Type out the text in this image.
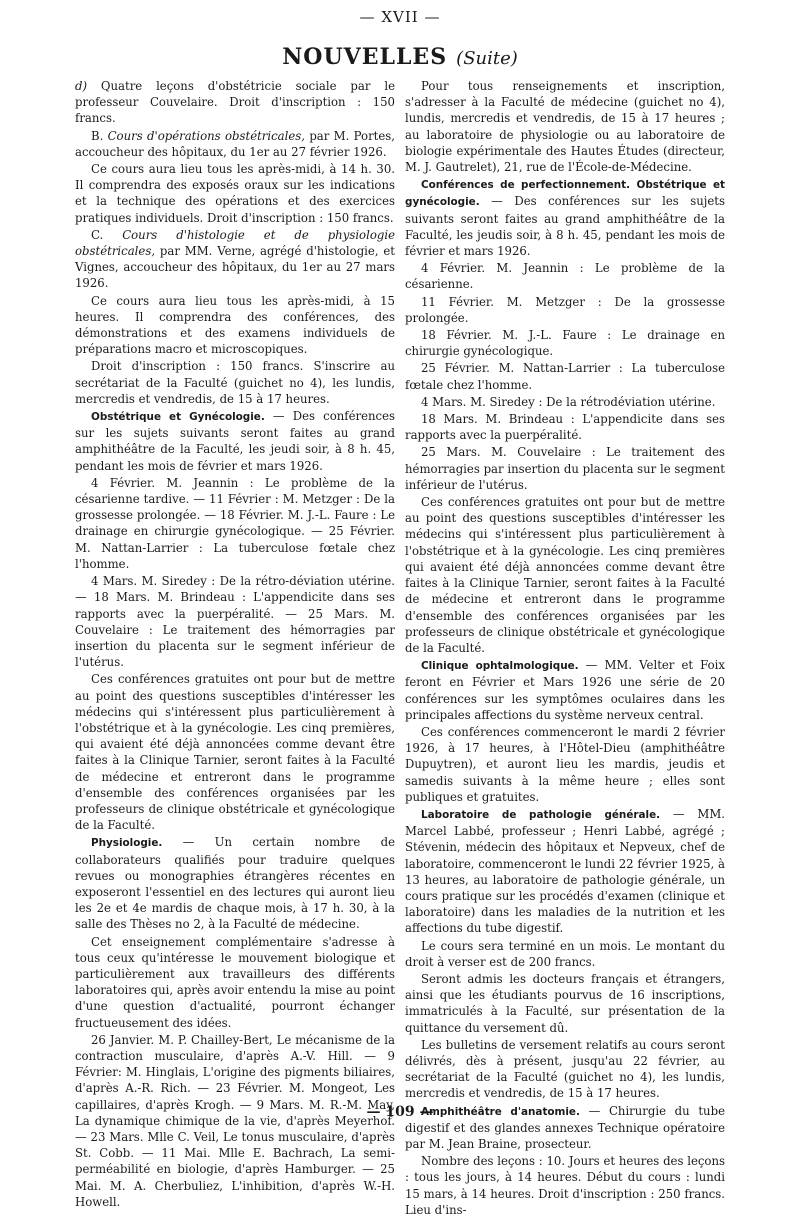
— XVII —
NOUVELLES (Suite)

d) Quatre leçons d'obstétricie sociale par le professeur Couvelaire. Droit d'inscription : 150 francs.

B. Cours d'opérations obstétricales, par M. Portes, accoucheur des hôpitaux, du 1er au 27 février 1926.

Ce cours aura lieu tous les après-midi, à 14 h. 30. Il comprendra des exposés oraux sur les indications et la technique des opérations et des exercices pratiques individuels. Droit d'inscription : 150 francs.

C. Cours d'histologie et de physiologie obstétricales, par MM. Verne, agrégé d'histologie, et Vignes, accoucheur des hôpitaux, du 1er au 27 mars 1926.

Ce cours aura lieu tous les après-midi, à 15 heures. Il comprendra des conférences, des démonstrations et des examens individuels de préparations macro et microscopiques.

Droit d'inscription : 150 francs. S'inscrire au secrétariat de la Faculté (guichet no 4), les lundis, mercredis et vendredis, de 15 à 17 heures.

Obstétrique et Gynécologie. — Des conférences sur les sujets suivants seront faites au grand amphithéâtre de la Faculté, les jeudi soir, à 8 h. 45, pendant les mois de février et mars 1926.

4 Février. M. Jeannin : Le problème de la césarienne tardive. — 11 Février : M. Metzger : De la grossesse prolongée. — 18 Février. M. J.-L. Faure : Le drainage en chirurgie gynécologique. — 25 Février. M. Nattan-Larrier : La tuberculose fœtale chez l'homme.

4 Mars. M. Siredey : De la rétro-déviation utérine. — 18 Mars. M. Brindeau : L'appendicite dans ses rapports avec la puerpéralité. — 25 Mars. M. Couvelaire : Le traitement des hémorragies par insertion du placenta sur le segment inférieur de l'utérus.

Ces conférences gratuites ont pour but de mettre au point des questions susceptibles d'intéresser les médecins qui s'intéressent plus particulièrement à l'obstétrique et à la gynécologie. Les cinq premières, qui avaient été déjà annoncées comme devant être faites à la Clinique Tarnier, seront faites à la Faculté de médecine et entreront dans le programme d'ensemble des conférences organisées par les professeurs de clinique obstétricale et gynécologique de la Faculté.

Physiologie. — Un certain nombre de collaborateurs qualifiés pour traduire quelques revues ou monographies étrangères récentes en exposeront l'essentiel en des lectures qui auront lieu les 2e et 4e mardis de chaque mois, à 17 h. 30, à la salle des Thèses no 2, à la Faculté de médecine.

Cet enseignement complémentaire s'adresse à tous ceux qu'intéresse le mouvement biologique et particulièrement aux travailleurs des différents laboratoires qui, après avoir entendu la mise au point d'une question d'actualité, pourront échanger fructueusement des idées.

26 Janvier. M. P. Chailley-Bert, Le mécanisme de la contraction musculaire, d'après A.-V. Hill. — 9 Février: M. Hinglais, L'origine des pigments biliaires, d'après A.-R. Rich. — 23 Février. M. Mongeot, Les capillaires, d'après Krogh. — 9 Mars. M. R.-M. May, La dynamique chimique de la vie, d'après Meyerhof. — 23 Mars. Mlle C. Veil, Le tonus musculaire, d'après St. Cobb. — 11 Mai. Mlle E. Bachrach, La semi-perméabilité en biologie, d'après Hamburger. — 25 Mai. M. A. Cherbuliez, L'inhibition, d'après W.-H. Howell.

Pour tous renseignements et inscription, s'adresser à la Faculté de médecine (guichet no 4), lundis, mercredis et vendredis, de 15 à 17 heures ; au laboratoire de physiologie ou au laboratoire de biologie expérimentale des Hautes Études (directeur, M. J. Gautrelet), 21, rue de l'École-de-Médecine.

Conférences de perfectionnement. Obstétrique et gynécologie. — Des conférences sur les sujets suivants seront faites au grand amphithéâtre de la Faculté, les jeudis soir, à 8 h. 45, pendant les mois de février et mars 1926.

4 Février. M. Jeannin : Le problème de la césarienne.

11 Février. M. Metzger : De la grossesse prolongée.

18 Février. M. J.-L. Faure : Le drainage en chirurgie gynécologique.

25 Février. M. Nattan-Larrier : La tuberculose fœtale chez l'homme.

4 Mars. M. Siredey : De la rétrodéviation utérine.

18 Mars. M. Brindeau : L'appendicite dans ses rapports avec la puerpéralité.

25 Mars. M. Couvelaire : Le traitement des hémorragies par insertion du placenta sur le segment inférieur de l'utérus.

Ces conférences gratuites ont pour but de mettre au point des questions susceptibles d'intéresser les médecins qui s'intéressent plus particulièrement à l'obstétrique et à la gynécologie. Les cinq premières qui avaient été déjà annoncées comme devant être faites à la Clinique Tarnier, seront faites à la Faculté de médecine et entreront dans le programme d'ensemble des conférences organisées par les professeurs de clinique obstétricale et gynécologique de la Faculté.

Clinique ophtalmologique. — MM. Velter et Foix feront en Février et Mars 1926 une série de 20 conférences sur les symptômes oculaires dans les principales affections du système nerveux central.

Ces conférences commenceront le mardi 2 février 1926, à 17 heures, à l'Hôtel-Dieu (amphithéâtre Dupuytren), et auront lieu les mardis, jeudis et samedis suivants à la même heure ; elles sont publiques et gratuites.

Laboratoire de pathologie générale. — MM. Marcel Labbé, professeur ; Henri Labbé, agrégé ; Stévenin, médecin des hôpitaux et Nepveux, chef de laboratoire, commenceront le lundi 22 février 1925, à 13 heures, au laboratoire de pathologie générale, un cours pratique sur les procédés d'examen (clinique et laboratoire) dans les maladies de la nutrition et les affections du tube digestif.

Le cours sera terminé en un mois. Le montant du droit à verser est de 200 francs.

Seront admis les docteurs français et étrangers, ainsi que les étudiants pourvus de 16 inscriptions, immatriculés à la Faculté, sur présentation de la quittance du versement dû.

Les bulletins de versement relatifs au cours seront délivrés, dès à présent, jusqu'au 22 février, au secrétariat de la Faculté (guichet no 4), les lundis, mercredis et vendredis, de 15 à 17 heures.

Amphithéâtre d'anatomie. — Chirurgie du tube digestif et des glandes annexes Technique opératoire par M. Jean Braine, prosecteur.

Nombre des leçons : 10. Jours et heures des leçons : tous les jours, à 14 heures. Début du cours : lundi 15 mars, à 14 heures. Droit d'inscription : 250 francs. Lieu d'ins-

— 109 —
